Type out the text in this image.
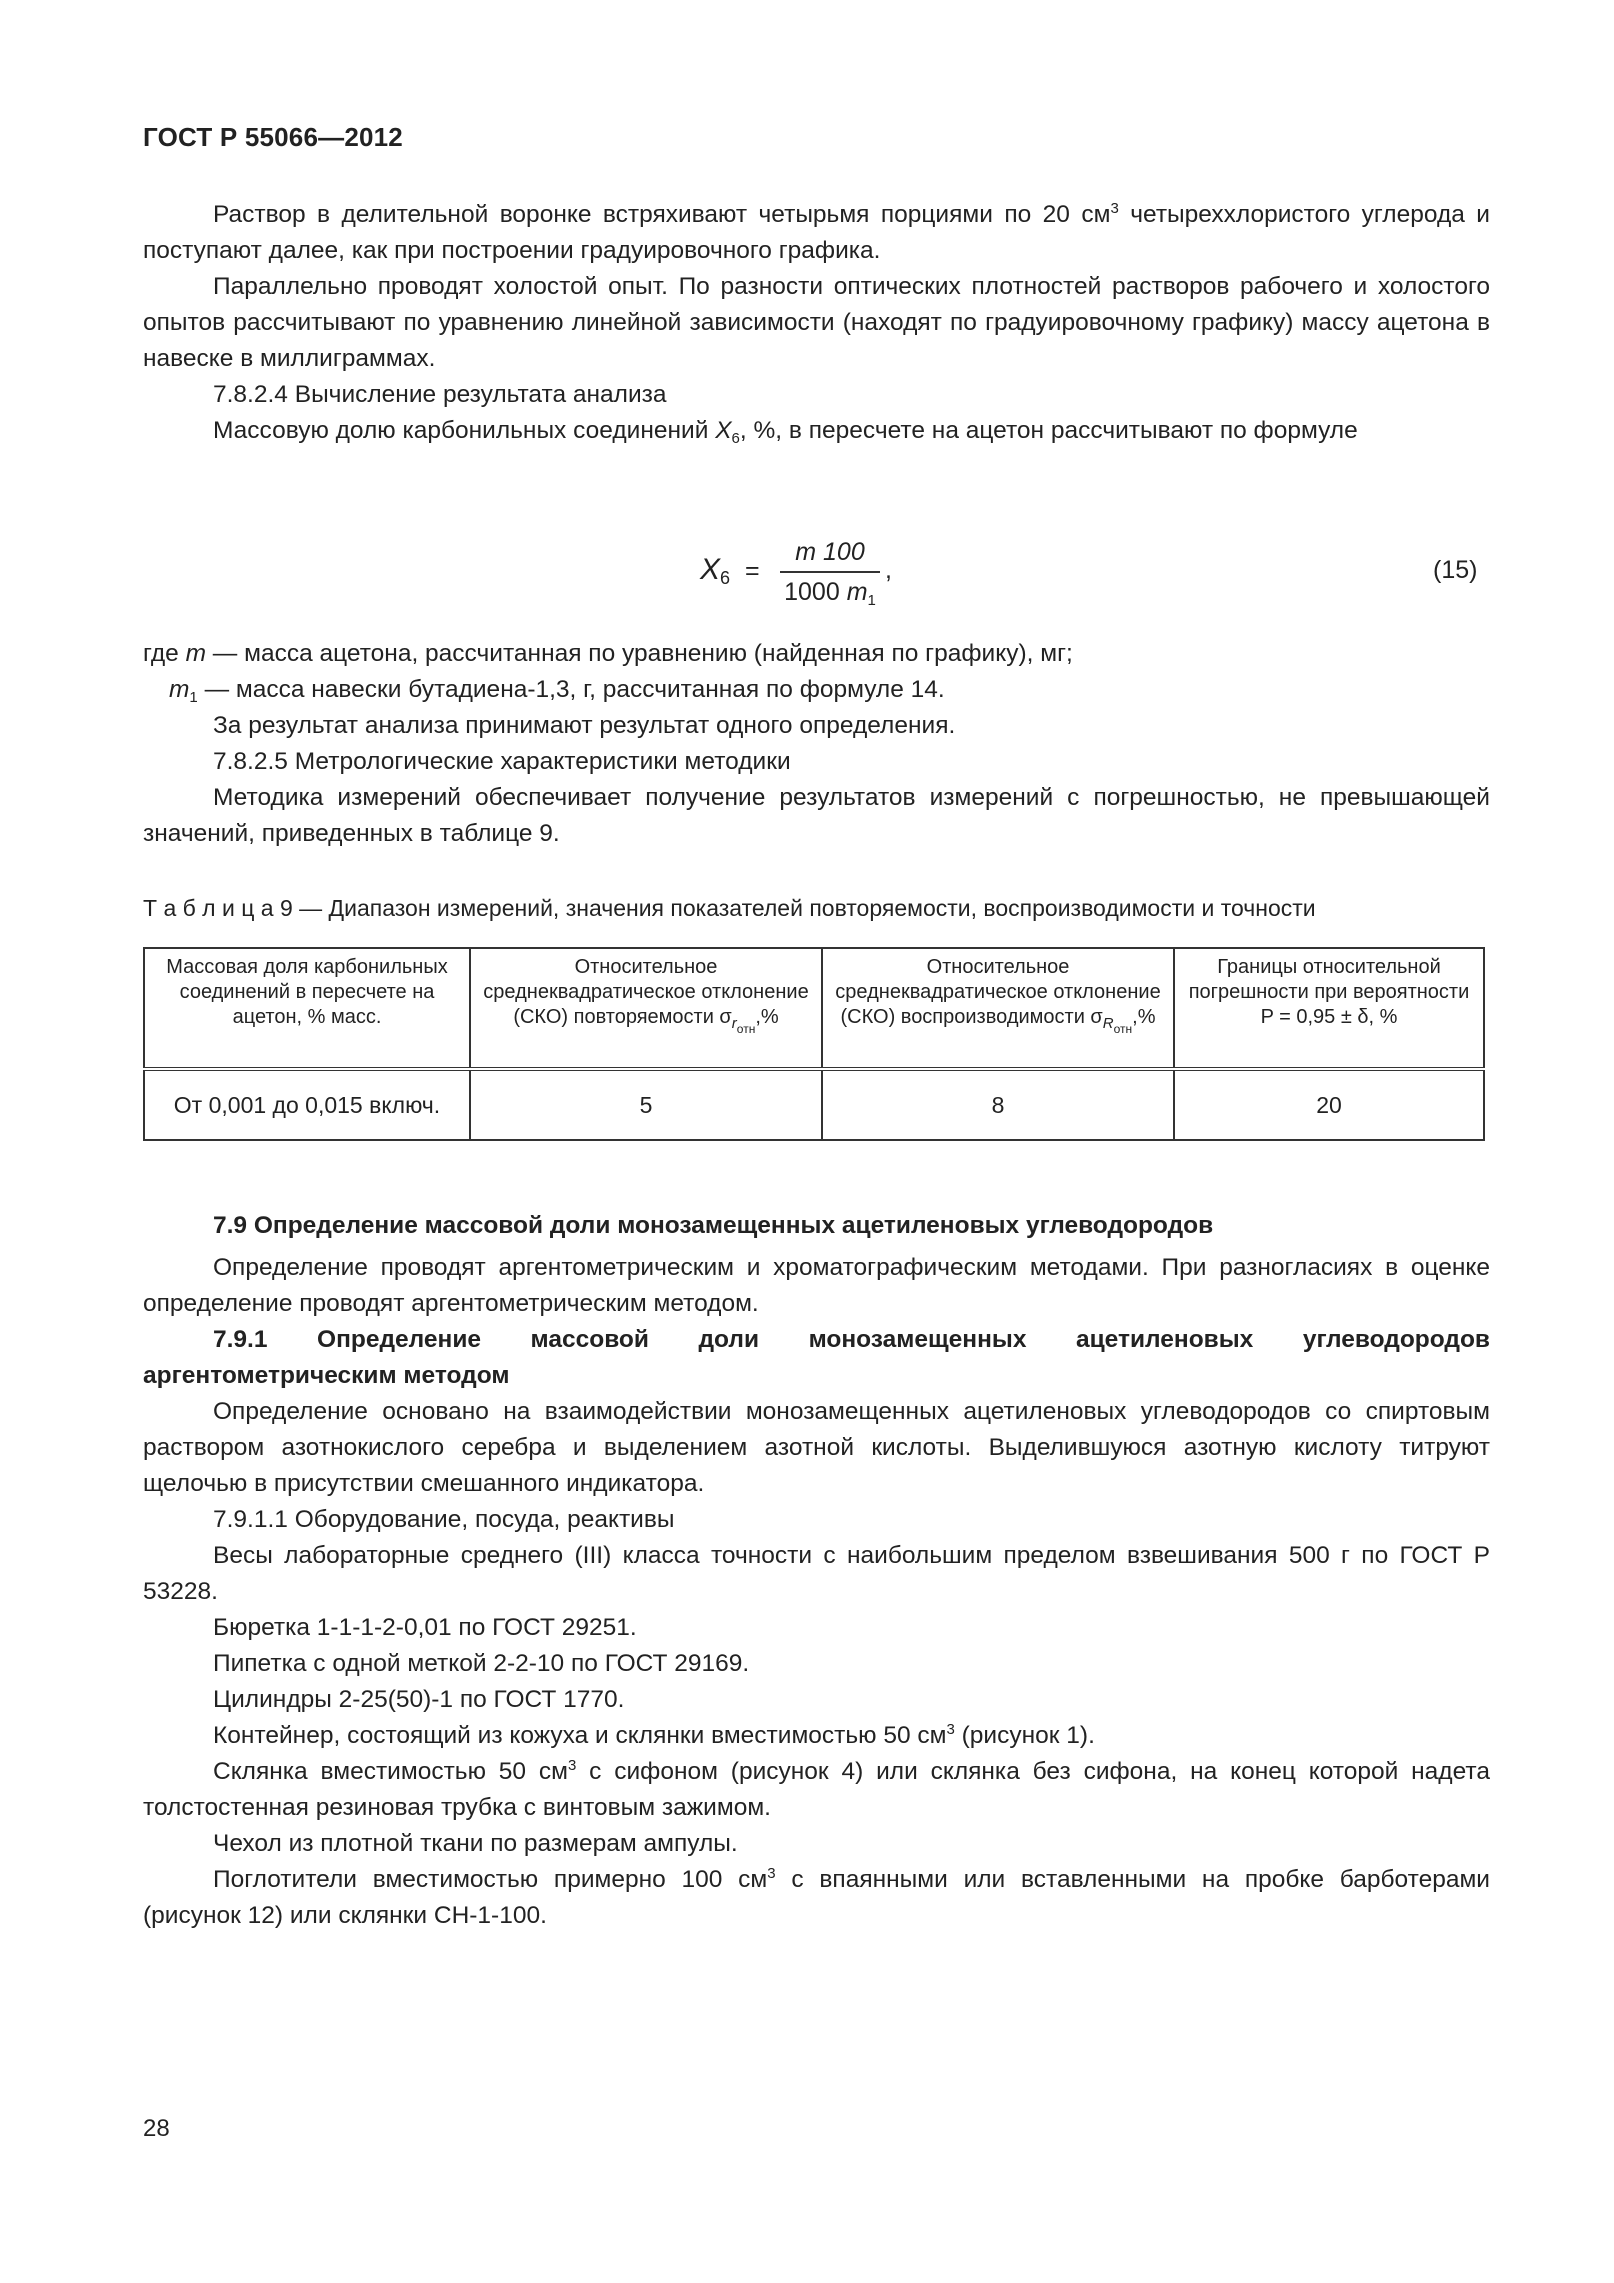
ГОСТ Р 55066—2012

Раствор в делительной воронке встряхивают четырьмя порциями по 20 $см^3$ четыреххлористого углерода и поступают далее, как при построении градуировочного графика.

Параллельно проводят холостой опыт. По разности оптических плотностей растворов рабочего и холостого опытов рассчитывают по уравнению линейной зависимости (находят по градуировочному графику) массу ацетона в навеске в миллиграммах.

7.8.2.4 Вычисление результата анализа

Массовую долю карбонильных соединений $X_6$, %, в пересчете на ацетон рассчитывают по формуле

$X_6$ =
m 100
1000 $m_1$
,	(15)

где m — масса ацетона, рассчитанная по уравнению (найденная по графику), мг;

$m_1$ — масса навески бутадиена-1,3, г, рассчитанная по формуле 14.

За результат анализа принимают результат одного определения.

7.8.2.5 Метрологические характеристики методики

Методика измерений обеспечивает получение результатов измерений с погрешностью, не превышающей значений, приведенных в таблице 9.

Т а б л и ц а 9 — Диапазон измерений, значения показателей повторяемости, воспроизводимости и точности
Массовая доля карбонильных соединений в пересчете на ацетон, % масс.	Относительное среднеквадратическое отклонение (СКО) повторяемости $\sigma_{r_{отн}},\%$	Относительное среднеквадратическое отклонение (СКО) воспроизводимости $\sigma_{R_{отн}},\%$	Границы относительной погрешности при вероятности P = 0,95 ± δ, %
От 0,001 до 0,015 включ.	5	8	20

7.9 Определение массовой доли монозамещенных ацетиленовых углеводородов

Определение проводят аргентометрическим и хроматографическим методами. При разногласиях в оценке определение проводят аргентометрическим методом.

7.9.1 Определение массовой доли монозамещенных ацетиленовых углеводородов аргентометрическим методом

Определение основано на взаимодействии монозамещенных ацетиленовых углеводородов со спиртовым раствором азотнокислого серебра и выделением азотной кислоты. Выделившуюся азотную кислоту титруют щелочью в присутствии смешанного индикатора.

7.9.1.1 Оборудование, посуда, реактивы

Весы лабораторные среднего (III) класса точности с наибольшим пределом взвешивания 500 г по ГОСТ Р 53228.

Бюретка 1-1-1-2-0,01 по ГОСТ 29251.

Пипетка с одной меткой 2-2-10 по ГОСТ 29169.

Цилиндры 2-25(50)-1 по ГОСТ 1770.

Контейнер, состоящий из кожуха и склянки вместимостью 50 $см^3$ (рисунок 1).

Склянка вместимостью 50 $см^3$ с сифоном (рисунок 4) или склянка без сифона, на конец которой надета толстостенная резиновая трубка с винтовым зажимом.

Чехол из плотной ткани по размерам ампулы.

Поглотители вместимостью примерно 100 $см^3$ с впаянными или вставленными на пробке барботерами (рисунок 12) или склянки СН-1-100.

28
